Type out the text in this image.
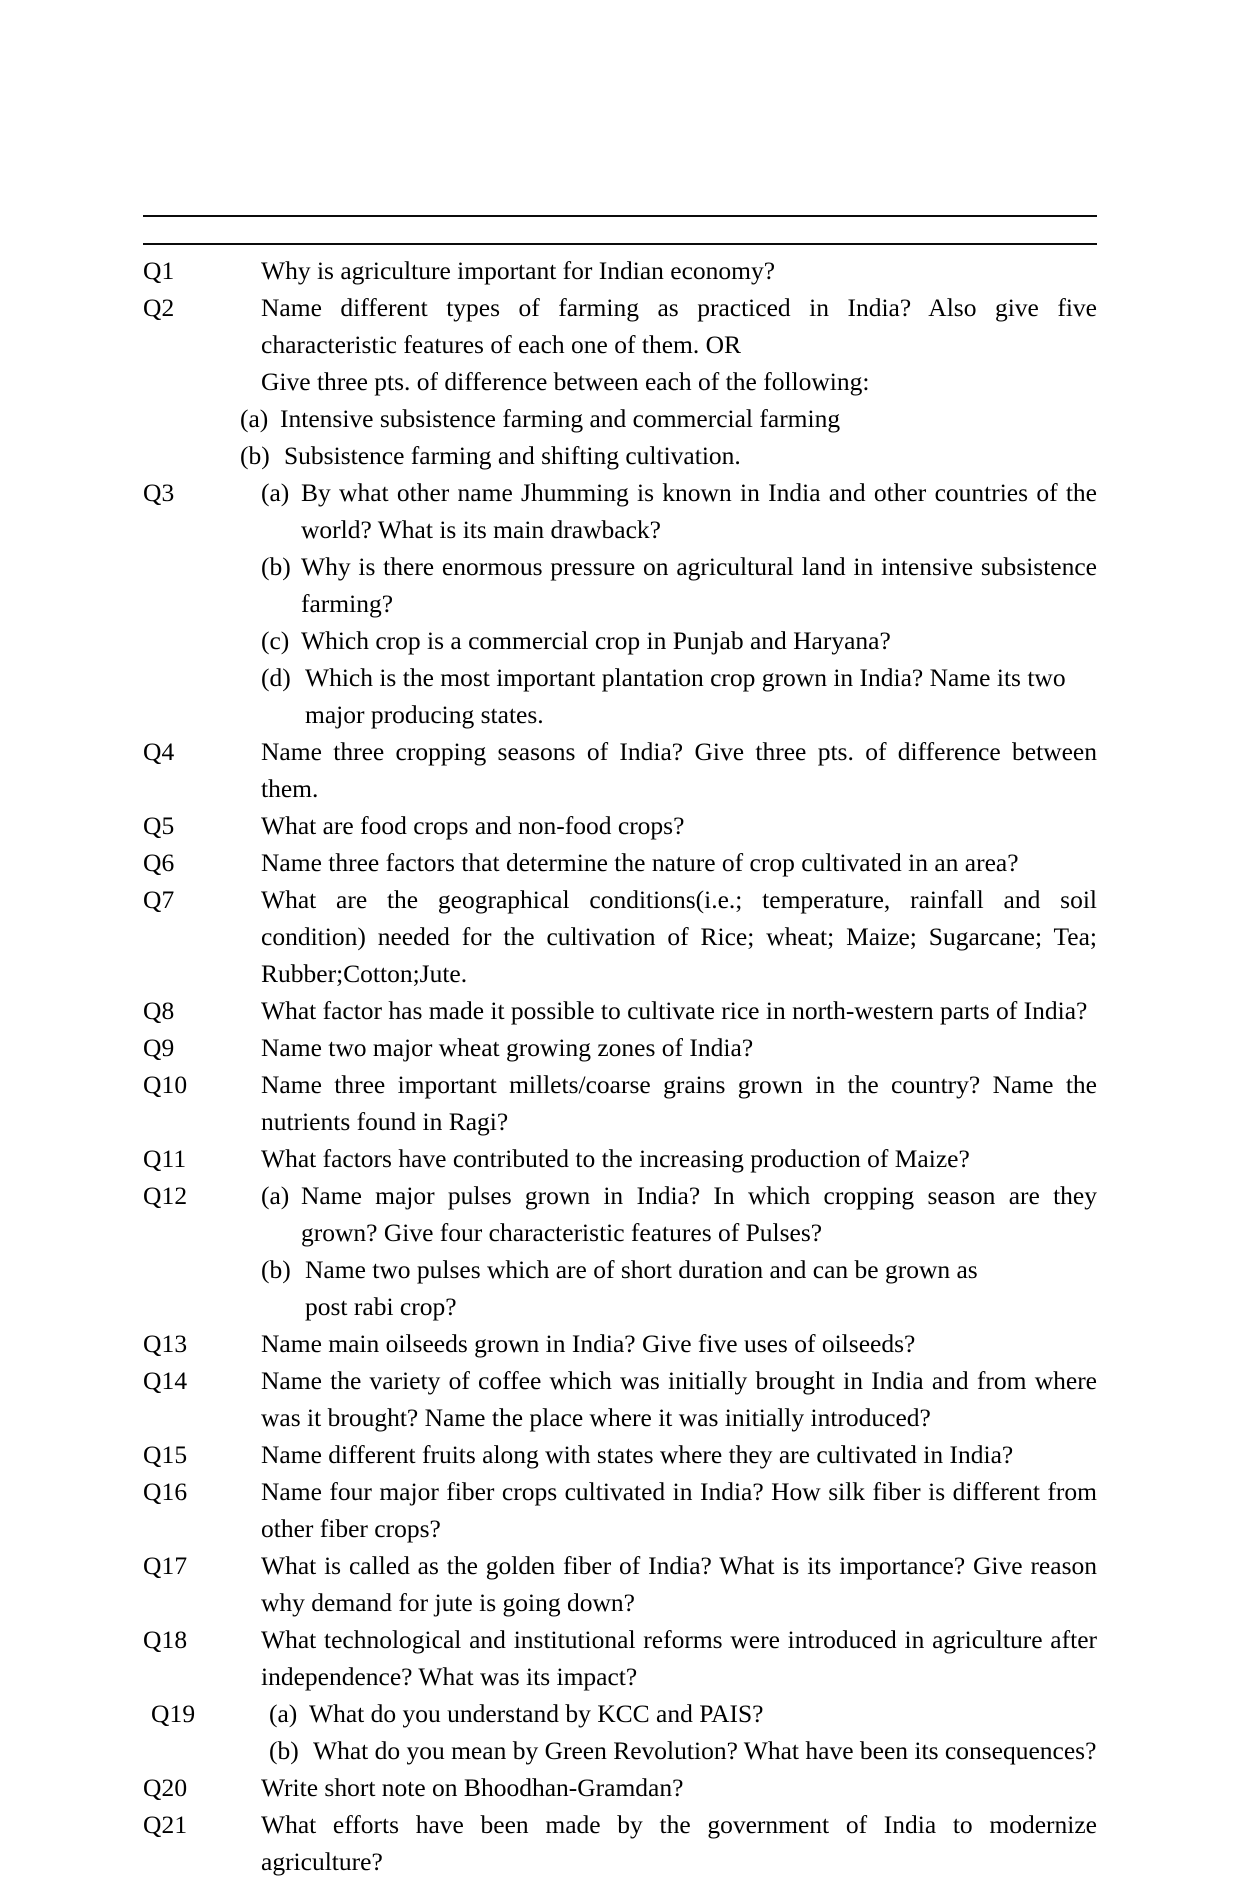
Q1	Why is agriculture important for Indian economy?

Q2	Name different types of farming as practiced in India? Also give five characteristic features of each one of them. OR

Give three pts. of difference between each of the following:

(a) Intensive subsistence farming and commercial farming

(b) Subsistence farming and shifting cultivation.

Q3	(a) By what other name Jhumming is known in India and other countries of the world? What is its main drawback?

(b) Why is there enormous pressure on agricultural land in intensive subsistence farming?

(c) Which crop is a commercial crop in Punjab and Haryana?

(d) Which is the most important plantation crop grown in India? Name its two major producing states.

Q4	Name three cropping seasons of India? Give three pts. of difference between them.

Q5	What are food crops and non-food crops?

Q6	Name three factors that determine the nature of crop cultivated in an area?

Q7	What are the geographical conditions(i.e.; temperature, rainfall and soil condition) needed for the cultivation of Rice; wheat; Maize; Sugarcane; Tea; Rubber;Cotton;Jute.

Q8	What factor has made it possible to cultivate rice in north-western parts of India?

Q9	Name two major wheat growing zones of India?

Q10	Name three important millets/coarse grains grown in the country? Name the nutrients found in Ragi?

Q11	What factors have contributed to the increasing production of Maize?

Q12	(a) Name major pulses grown in India? In which cropping season are they grown? Give four characteristic features of Pulses?

(b) Name two pulses which are of short duration and can be grown as

post rabi crop?

Q13	Name main oilseeds grown in India? Give five uses of oilseeds?

Q14	Name the variety of coffee which was initially brought in India and from where was it brought? Name the place where it was initially introduced?

Q15	Name different fruits along with states where they are cultivated in India?

Q16	Name four major fiber crops cultivated in India? How silk fiber is different from other fiber crops?

Q17	What is called as the golden fiber of India? What is its importance? Give reason why demand for jute is going down?

Q18	What technological and institutional reforms were introduced in agriculture after independence? What was its impact?

Q19	(a) What do you understand by KCC and PAIS?

(b) What do you mean by Green Revolution? What have been its consequences?

Q20	Write short note on Bhoodhan-Gramdan?

Q21	What efforts have been made by the government of India to modernize agriculture?
